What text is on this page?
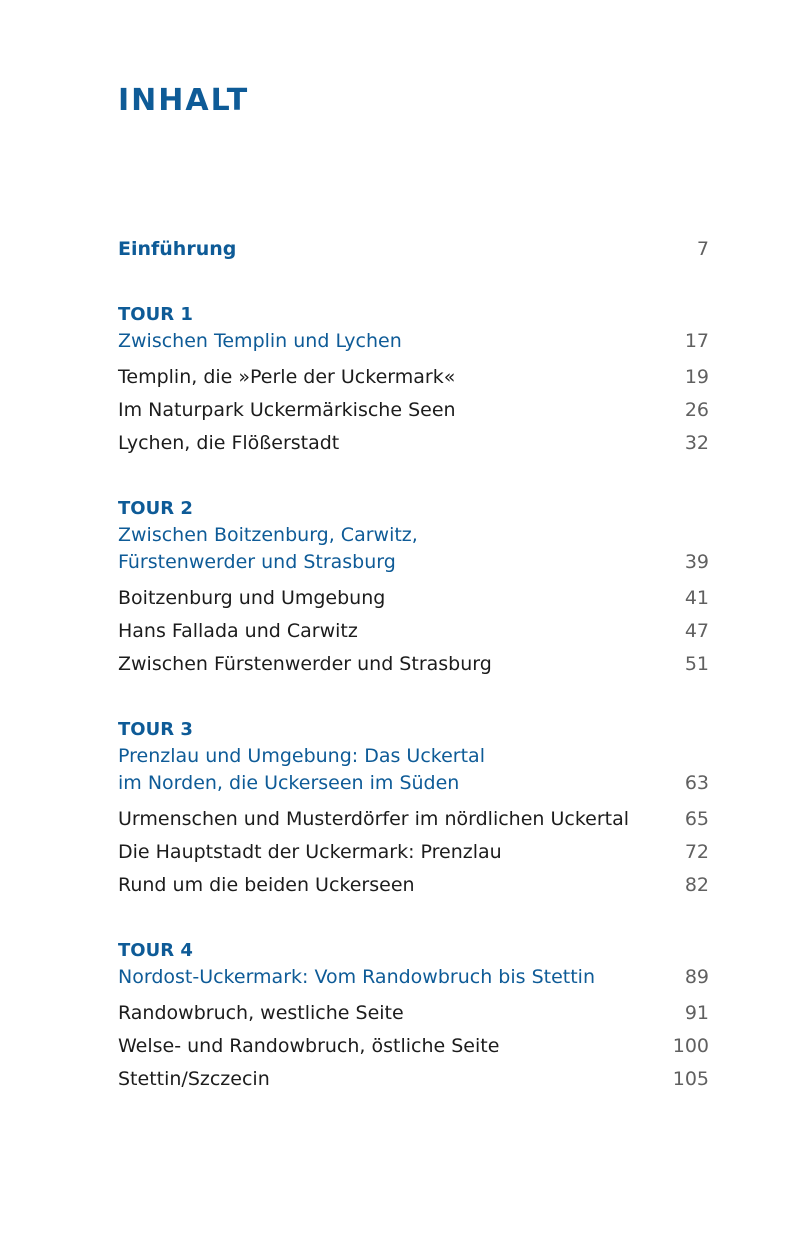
INHALT
Einführung	7
TOUR 1
Zwischen Templin und Lychen	17
Templin, die »Perle der Uckermark«	19
Im Naturpark Uckermärkische Seen	26
Lychen, die Flößerstadt	32
TOUR 2
Zwischen Boitzenburg, Carwitz,
Fürstenwerder und Strasburg	39
Boitzenburg und Umgebung	41
Hans Fallada und Carwitz	47
Zwischen Fürstenwerder und Strasburg	51
TOUR 3
Prenzlau und Umgebung: Das Uckertal
im Norden, die Uckerseen im Süden	63
Urmenschen und Musterdörfer im nördlichen Uckertal	65
Die Hauptstadt der Uckermark: Prenzlau	72
Rund um die beiden Uckerseen	82
TOUR 4
Nordost-Uckermark: Vom Randowbruch bis Stettin	89
Randowbruch, westliche Seite	91
Welse- und Randowbruch, östliche Seite	100
Stettin/Szczecin	105
